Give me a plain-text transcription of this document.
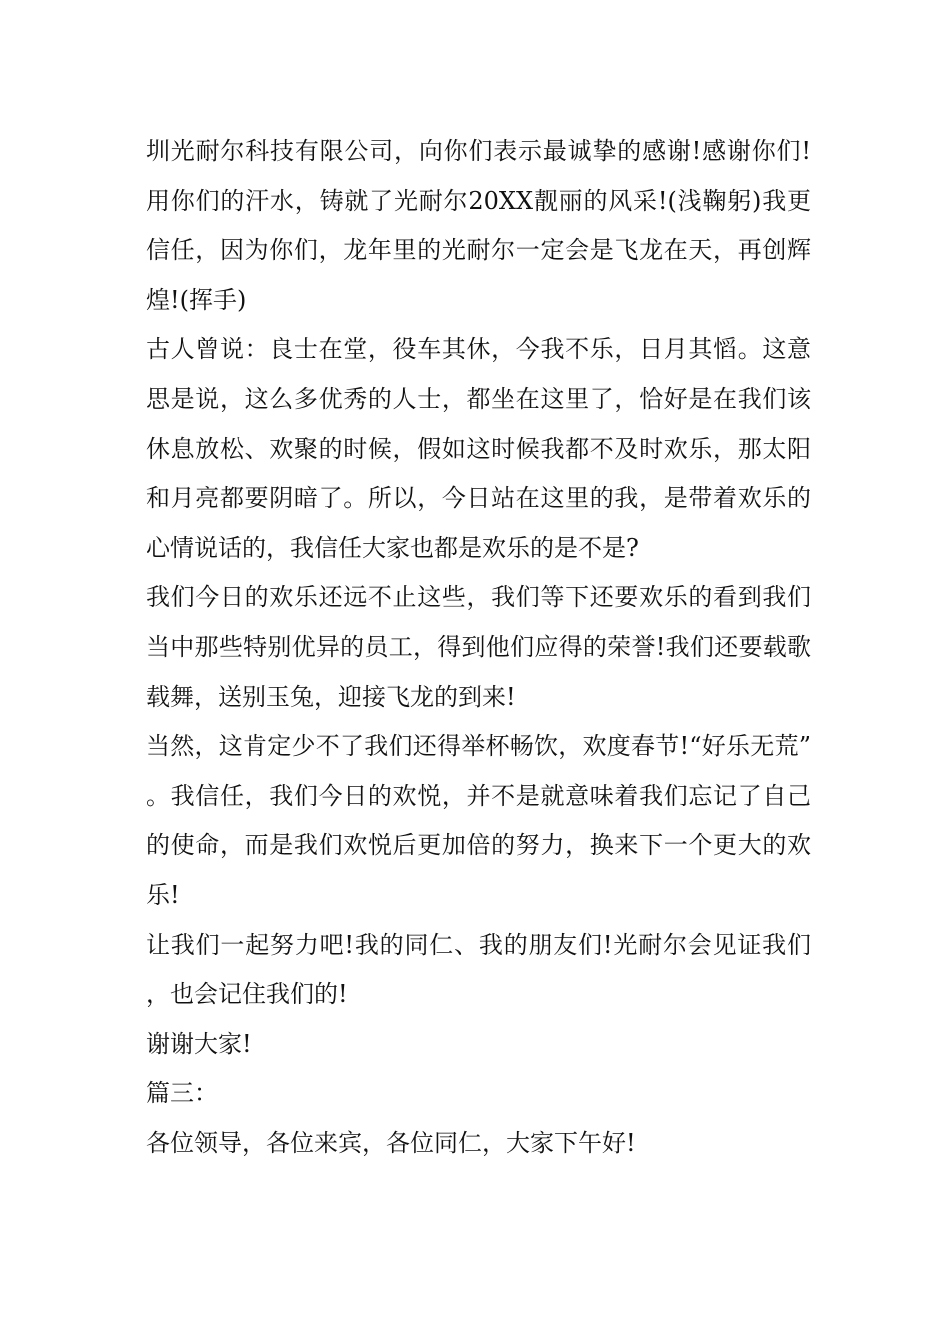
圳光耐尔科技有限公司，向你们表示最诚挚的感谢!感谢你们!用你们的汗水，铸就了光耐尔20XX靓丽的风采!(浅鞠躬)我更信任，因为你们，龙年里的光耐尔一定会是飞龙在天，再创辉煌!(挥手)

古人曾说：良士在堂，役车其休，今我不乐，日月其慆。这意思是说，这么多优秀的人士，都坐在这里了，恰好是在我们该休息放松、欢聚的时候，假如这时候我都不及时欢乐，那太阳和月亮都要阴暗了。所以，今日站在这里的我，是带着欢乐的心情说话的，我信任大家也都是欢乐的是不是?

我们今日的欢乐还远不止这些，我们等下还要欢乐的看到我们当中那些特别优异的员工，得到他们应得的荣誉!我们还要载歌载舞，送别玉兔，迎接飞龙的到来!

当然，这肯定少不了我们还得举杯畅饮，欢度春节!“好乐无荒”。我信任，我们今日的欢悦，并不是就意味着我们忘记了自己的使命，而是我们欢悦后更加倍的努力，换来下一个更大的欢乐!

让我们一起努力吧!我的同仁、我的朋友们!光耐尔会见证我们，也会记住我们的!

谢谢大家!

篇三：

各位领导，各位来宾，各位同仁，大家下午好!
